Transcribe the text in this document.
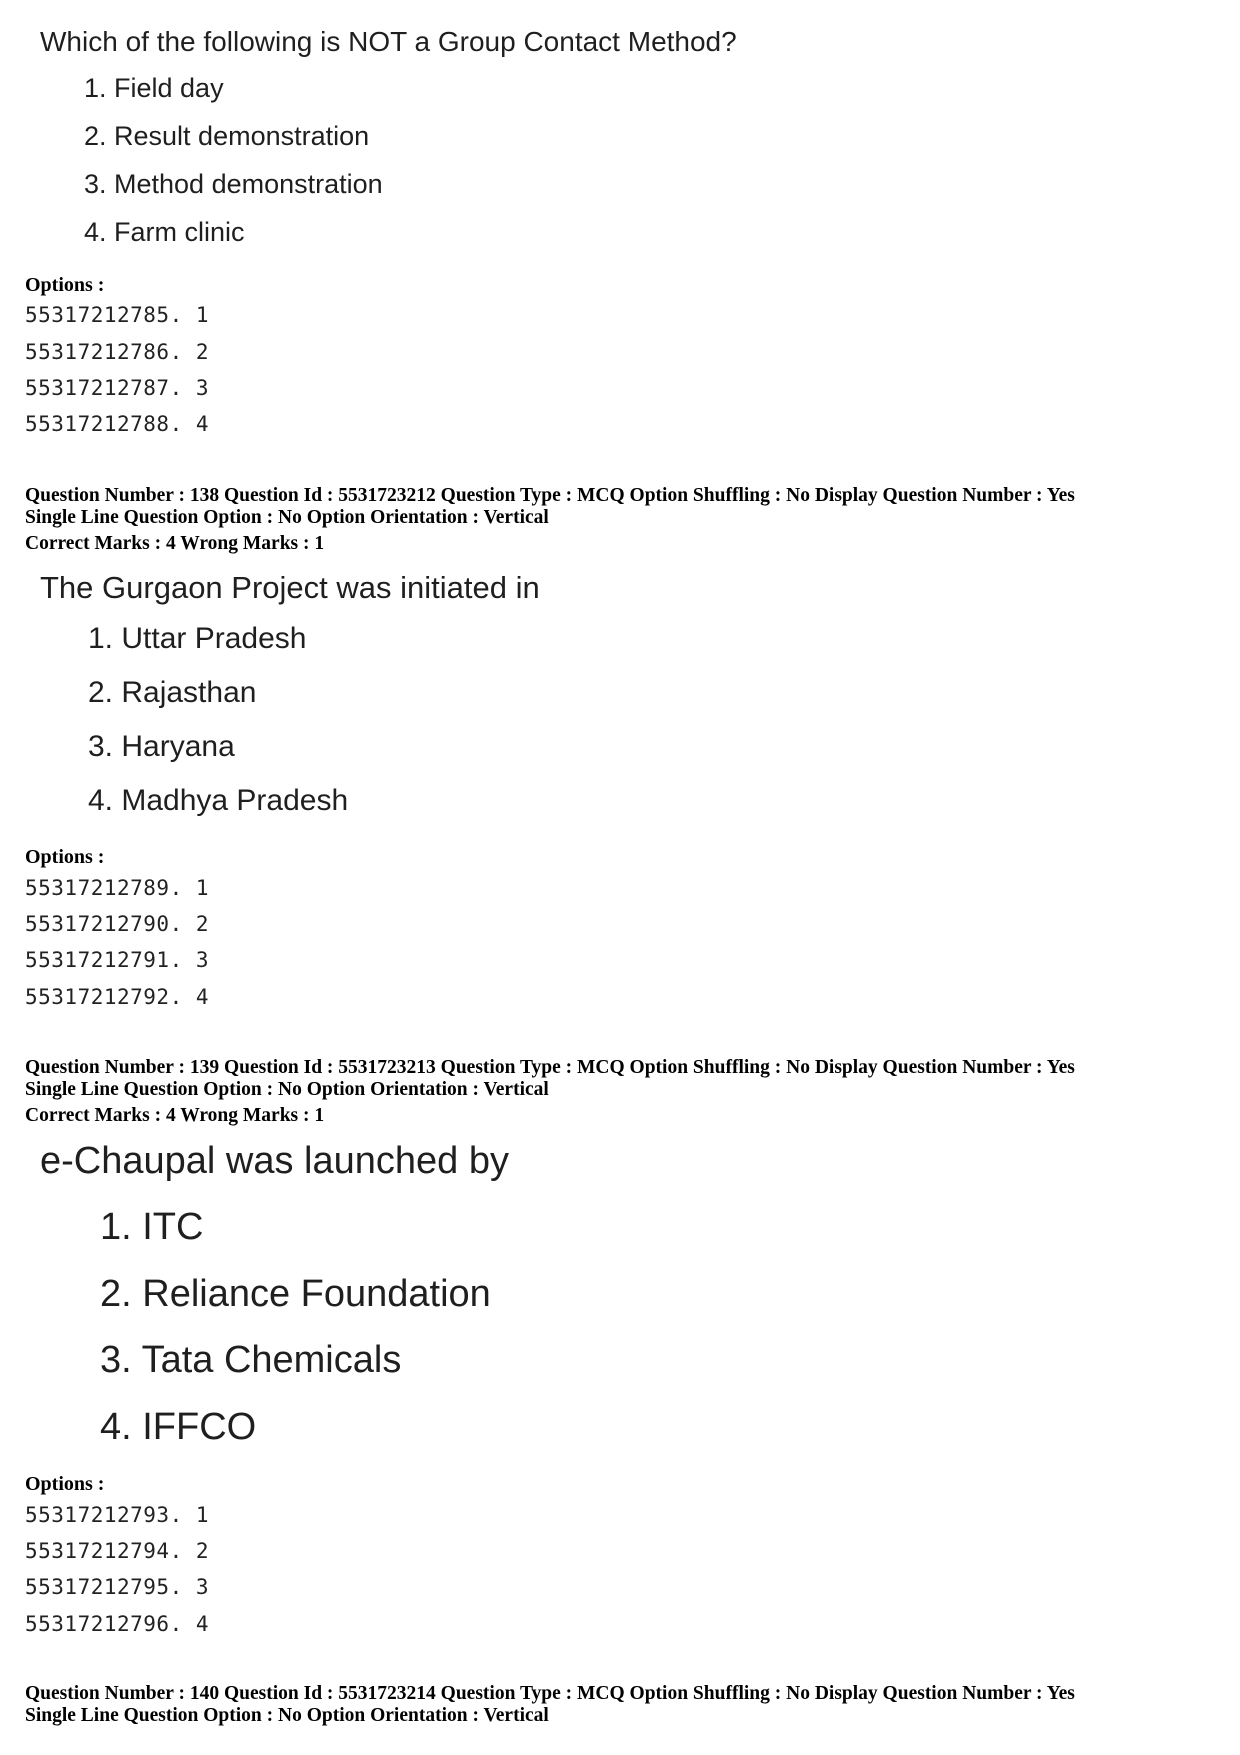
Which of the following is NOT a Group Contact Method?
1. Field day
2. Result demonstration
3. Method demonstration
4. Farm clinic
Options :
55317212785. 1
55317212786. 2
55317212787. 3
55317212788. 4
Question Number : 138 Question Id : 5531723212 Question Type : MCQ Option Shuffling : No Display Question Number : Yes
Single Line Question Option : No Option Orientation : Vertical
Correct Marks : 4 Wrong Marks : 1
The Gurgaon Project was initiated in
1. Uttar Pradesh
2. Rajasthan
3. Haryana
4. Madhya Pradesh
Options :
55317212789. 1
55317212790. 2
55317212791. 3
55317212792. 4
Question Number : 139 Question Id : 5531723213 Question Type : MCQ Option Shuffling : No Display Question Number : Yes
Single Line Question Option : No Option Orientation : Vertical
Correct Marks : 4 Wrong Marks : 1
e-Chaupal was launched by
1. ITC
2. Reliance Foundation
3. Tata Chemicals
4. IFFCO
Options :
55317212793. 1
55317212794. 2
55317212795. 3
55317212796. 4
Question Number : 140 Question Id : 5531723214 Question Type : MCQ Option Shuffling : No Display Question Number : Yes
Single Line Question Option : No Option Orientation : Vertical
